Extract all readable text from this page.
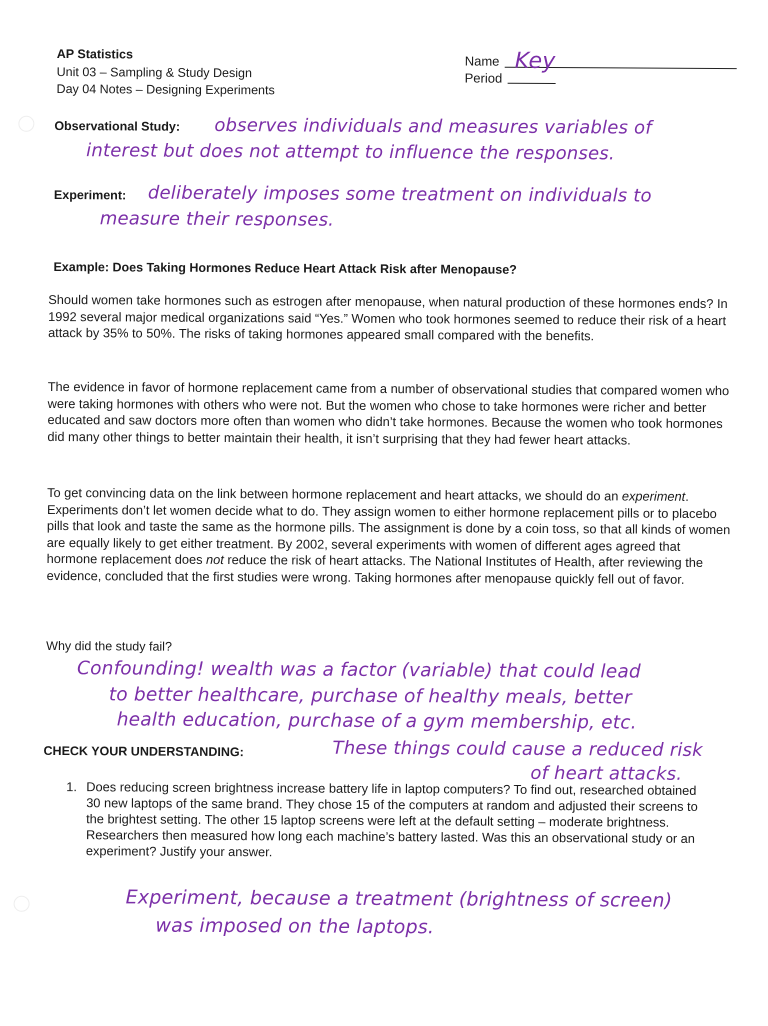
AP Statistics
Unit 03 – Sampling & Study Design
Day 04 Notes – Designing Experiments
Name
Period
Key
Observational Study: observes individuals and measures variables of
interest but does not attempt to influence the responses.
Experiment: deliberately imposes some treatment on individuals to
measure their responses.
Example: Does Taking Hormones Reduce Heart Attack Risk after Menopause?

Should women take hormones such as estrogen after menopause, when natural production of these hormones ends? In 1992 several major medical organizations said “Yes.” Women who took hormones seemed to reduce their risk of a heart attack by 35% to 50%. The risks of taking hormones appeared small compared with the benefits.

The evidence in favor of hormone replacement came from a number of observational studies that compared women who were taking hormones with others who were not. But the women who chose to take hormones were richer and better educated and saw doctors more often than women who didn’t take hormones. Because the women who took hormones did many other things to better maintain their health, it isn’t surprising that they had fewer heart attacks.

To get convincing data on the link between hormone replacement and heart attacks, we should do an experiment. Experiments don’t let women decide what to do. They assign women to either hormone replacement pills or to placebo pills that look and taste the same as the hormone pills. The assignment is done by a coin toss, so that all kinds of women are equally likely to get either treatment. By 2002, several experiments with women of different ages agreed that hormone replacement does not reduce the risk of heart attacks. The National Institutes of Health, after reviewing the evidence, concluded that the first studies were wrong. Taking hormones after menopause quickly fell out of favor.

Why did the study fail?
Confounding! wealth was a factor (variable) that could lead
to better healthcare, purchase of healthy meals, better
health education, purchase of a gym membership, etc.
These things could cause a reduced risk
of heart attacks.
CHECK YOUR UNDERSTANDING:
1. Does reducing screen brightness increase battery life in laptop computers? To find out, researched obtained 30 new laptops of the same brand. They chose 15 of the computers at random and adjusted their screens to the brightest setting. The other 15 laptop screens were left at the default setting – moderate brightness. Researchers then measured how long each machine’s battery lasted. Was this an observational study or an experiment? Justify your answer.
Experiment, because a treatment (brightness of screen)
was imposed on the laptops.
